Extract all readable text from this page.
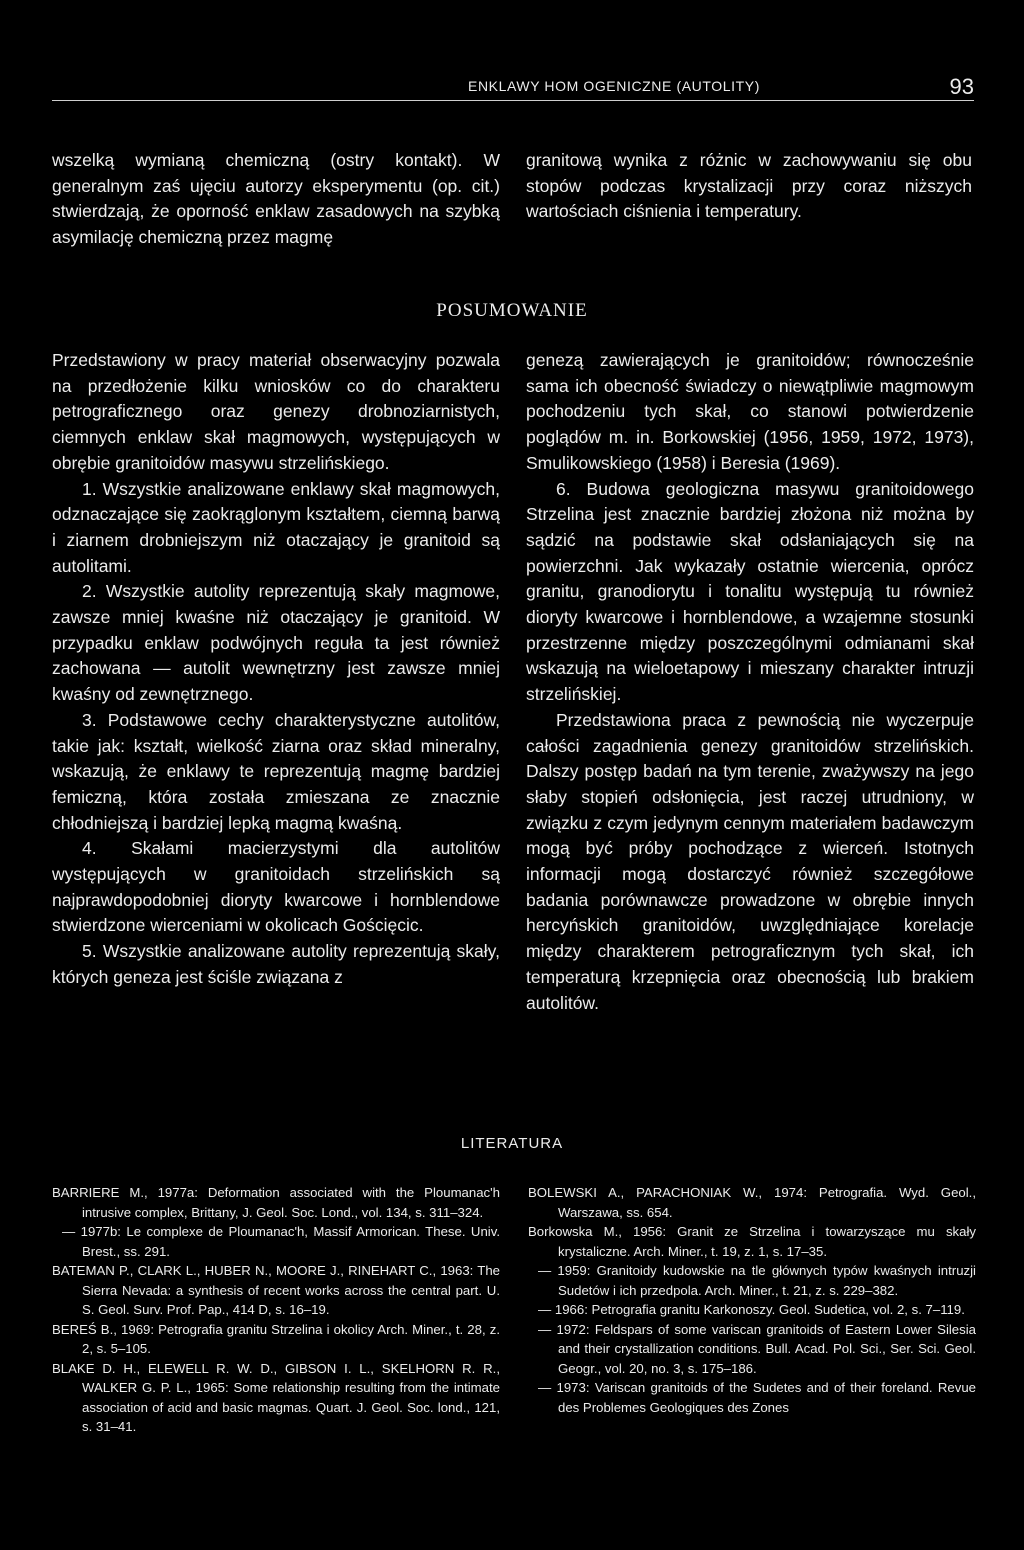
ENKLAWY HOM OGENICZNE (AUTOLITY)	93

wszelką wymianą chemiczną (ostry kontakt). W generalnym zaś ujęciu autorzy eksperymentu (op. cit.) stwierdzają, że oporność enklaw zasadowych na szybką asymilację chemiczną przez magmę

granitową wynika z różnic w zachowywaniu się obu stopów podczas krystalizacji przy coraz niższych wartościach ciśnienia i temperatury.

POSUMOWANIE

Przedstawiony w pracy materiał obserwacyjny pozwala na przedłożenie kilku wniosków co do charakteru petrograficznego oraz genezy drobnoziarnistych, ciemnych enklaw skał magmowych, występujących w obrębie granitoidów masywu strzelińskiego.

1. Wszystkie analizowane enklawy skał magmowych, odznaczające się zaokrąglonym kształtem, ciemną barwą i ziarnem drobniejszym niż otaczający je granitoid są autolitami.

2. Wszystkie autolity reprezentują skały magmowe, zawsze mniej kwaśne niż otaczający je granitoid. W przypadku enklaw podwójnych reguła ta jest również zachowana — autolit wewnętrzny jest zawsze mniej kwaśny od zewnętrznego.

3. Podstawowe cechy charakterystyczne autolitów, takie jak: kształt, wielkość ziarna oraz skład mineralny, wskazują, że enklawy te reprezentują magmę bardziej femiczną, która została zmieszana ze znacznie chłodniejszą i bardziej lepką magmą kwaśną.

4. Skałami macierzystymi dla autolitów występujących w granitoidach strzelińskich są najprawdopodobniej dioryty kwarcowe i hornblendowe stwierdzone wierceniami w okolicach Gościęcic.

5. Wszystkie analizowane autolity reprezentują skały, których geneza jest ściśle związana z

genezą zawierających je granitoidów; równocześnie sama ich obecność świadczy o niewątpliwie magmowym pochodzeniu tych skał, co stanowi potwierdzenie poglądów m. in. Borkowskiej (1956, 1959, 1972, 1973), Smulikowskiego (1958) i Beresia (1969).

6. Budowa geologiczna masywu granitoidowego Strzelina jest znacznie bardziej złożona niż można by sądzić na podstawie skał odsłaniających się na powierzchni. Jak wykazały ostatnie wiercenia, oprócz granitu, granodiorytu i tonalitu występują tu również dioryty kwarcowe i hornblendowe, a wzajemne stosunki przestrzenne między poszczególnymi odmianami skał wskazują na wieloetapowy i mieszany charakter intruzji strzelińskiej.

Przedstawiona praca z pewnością nie wyczerpuje całości zagadnienia genezy granitoidów strzelińskich. Dalszy postęp badań na tym terenie, zważywszy na jego słaby stopień odsłonięcia, jest raczej utrudniony, w związku z czym jedynym cennym materiałem badawczym mogą być próby pochodzące z wierceń. Istotnych informacji mogą dostarczyć również szczegółowe badania porównawcze prowadzone w obrębie innych hercyńskich granitoidów, uwzględniające korelacje między charakterem petrograficznym tych skał, ich temperaturą krzepnięcia oraz obecnością lub brakiem autolitów.

LITERATURA
BARRIERE M., 1977a: Deformation associated with the Ploumanac'h intrusive complex, Brittany, J. Geol. Soc. Lond., vol. 134, s. 311–324.
— 1977b: Le complexe de Ploumanac'h, Massif Armorican. These. Univ. Brest., ss. 291.
BATEMAN P., CLARK L., HUBER N., MOORE J., RINEHART C., 1963: The Sierra Nevada: a synthesis of recent works across the central part. U. S. Geol. Surv. Prof. Pap., 414 D, s. 16–19.
BEREŚ B., 1969: Petrografia granitu Strzelina i okolicy Arch. Miner., t. 28, z. 2, s. 5–105.
BLAKE D. H., ELEWELL R. W. D., GIBSON I. L., SKELHORN R. R., WALKER G. P. L., 1965: Some relationship resulting from the intimate association of acid and basic magmas. Quart. J. Geol. Soc. lond., 121, s. 31–41.
BOLEWSKI A., PARACHONIAK W., 1974: Petrografia. Wyd. Geol., Warszawa, ss. 654.
Borkowska M., 1956: Granit ze Strzelina i towarzyszące mu skały krystaliczne. Arch. Miner., t. 19, z. 1, s. 17–35.
— 1959: Granitoidy kudowskie na tle głównych typów kwaśnych intruzji Sudetów i ich przedpola. Arch. Miner., t. 21, z. s. 229–382.
— 1966: Petrografia granitu Karkonoszy. Geol. Sudetica, vol. 2, s. 7–119.
— 1972: Feldspars of some variscan granitoids of Eastern Lower Silesia and their crystallization conditions. Bull. Acad. Pol. Sci., Ser. Sci. Geol. Geogr., vol. 20, no. 3, s. 175–186.
— 1973: Variscan granitoids of the Sudetes and of their foreland. Revue des Problemes Geologiques des Zones
